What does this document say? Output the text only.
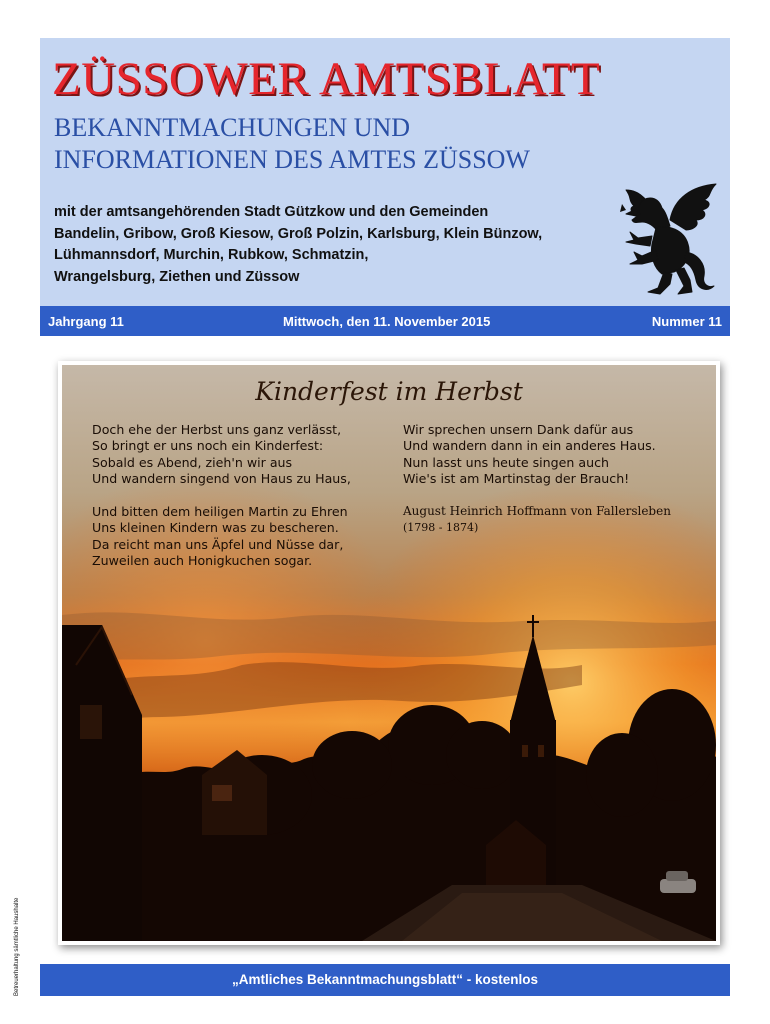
ZÜSSOWER AMTSBLATT
BEKANNTMACHUNGEN UND
INFORMATIONEN DES AMTES ZÜSSOW
mit der amtsangehörenden Stadt Gützkow und den Gemeinden
Bandelin, Gribow, Groß Kiesow, Groß Polzin, Karlsburg, Klein Bünzow,
Lühmannsdorf, Murchin, Rubkow, Schmatzin,
Wrangelsburg, Ziethen und Züssow
Jahrgang 11	Mittwoch, den 11. November 2015	Nummer 11
Kinderfest im Herbst
Doch ehe der Herbst uns ganz verlässt,
So bringt er uns noch ein Kinderfest:
Sobald es Abend, zieh'n wir aus
Und wandern singend von Haus zu Haus,
Und bitten dem heiligen Martin zu Ehren
Uns kleinen Kindern was zu bescheren.
Da reicht man uns Äpfel und Nüsse dar,
Zuweilen auch Honigkuchen sogar.
Wir sprechen unsern Dank dafür aus
Und wandern dann in ein anderes Haus.
Nun lasst uns heute singen auch
Wie's ist am Martinstag der Brauch!
August Heinrich Hoffmann von Fallersleben
(1798 - 1874)
„Amtliches Bekanntmachungsblatt“ - kostenlos
Betreuerhaltung sämtliche Haushalte
